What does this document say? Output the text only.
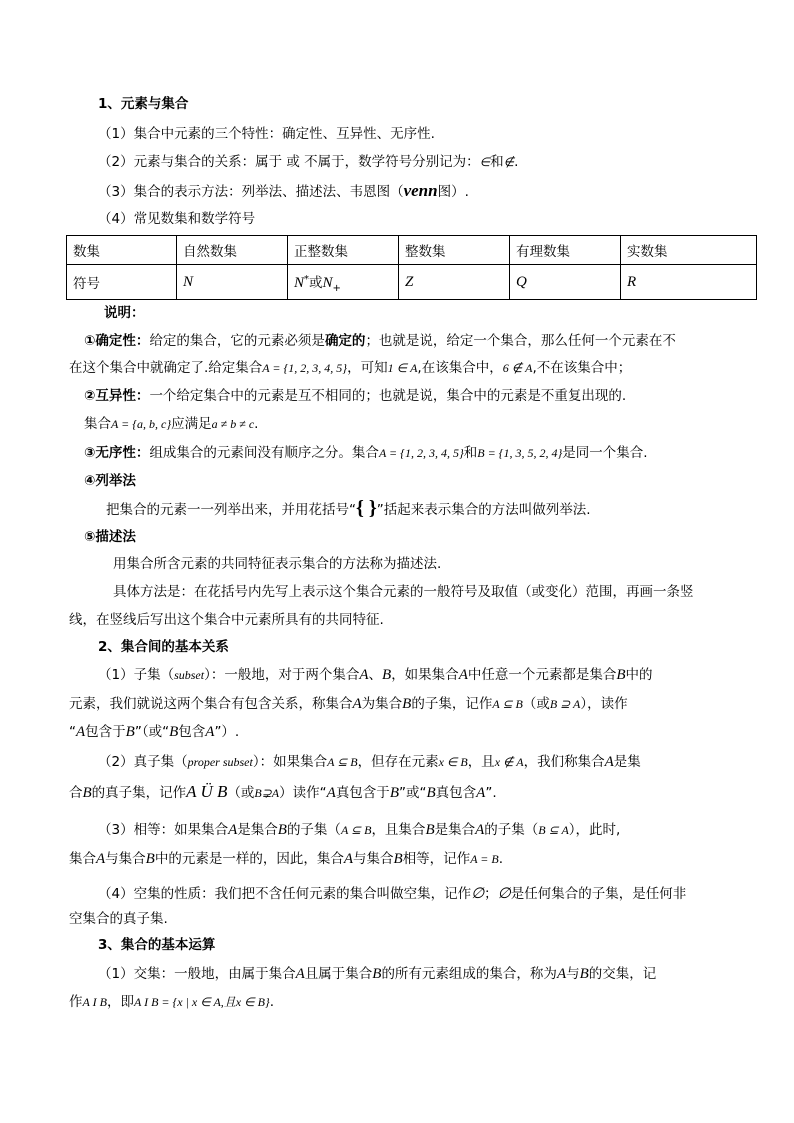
1、元素与集合
（1）集合中元素的三个特性：确定性、互异性、无序性.
（2）元素与集合的关系：属于 或 不属于，数学符号分别记为：∈和∉.
（3）集合的表示方法：列举法、描述法、韦恩图（venn图）.
（4）常见数集和数学符号
数集	自然数集	正整数集	整数集	有理数集	实数集
符号	N	N*或$N_+$	Z	Q	R
说明：
①确定性：给定的集合，它的元素必须是确定的；也就是说，给定一个集合，那么任何一个元素在不
在这个集合中就确定了.给定集合A = {1, 2, 3, 4, 5}，可知1 ∈ A,在该集合中，6 ∉ A,不在该集合中；
②互异性：一个给定集合中的元素是互不相同的；也就是说，集合中的元素是不重复出现的.
集合A = {a, b, c}应满足a ≠ b ≠ c.
③无序性：组成集合的元素间没有顺序之分。集合A = {1, 2, 3, 4, 5}和B = {1, 3, 5, 2, 4}是同一个集合.
④列举法
把集合的元素一一列举出来，并用花括号“{ }”括起来表示集合的方法叫做列举法.
⑤描述法
用集合所含元素的共同特征表示集合的方法称为描述法.
具体方法是：在花括号内先写上表示这个集合元素的一般符号及取值（或变化）范围，再画一条竖
线，在竖线后写出这个集合中元素所具有的共同特征.
2、集合间的基本关系
（1）子集（subset）：一般地，对于两个集合A、B，如果集合A中任意一个元素都是集合B中的
元素，我们就说这两个集合有包含关系，称集合A为集合B的子集，记作A ⊆ B（或B ⊇ A），读作
“A包含于B”（或“B包含A”）.
（2）真子集（proper subset）：如果集合A ⊆ B，但存在元素x ∈ B，且x ∉ A，我们称集合A是集
合B的真子集，记作A Ü B（或B⊋A）读作“A真包含于B”或“B真包含A”.
（3）相等：如果集合A是集合B的子集（A ⊆ B，且集合B是集合A的子集（B ⊆ A），此时,
集合A与集合B中的元素是一样的，因此，集合A与集合B相等，记作A = B.
（4）空集的性质：我们把不含任何元素的集合叫做空集，记作∅；∅是任何集合的子集，是任何非
空集合的真子集.
3、集合的基本运算
（1）交集：一般地，由属于集合A且属于集合B的所有元素组成的集合，称为A与B的交集，记
作A I B，即A I B = {x | x ∈ A,且x ∈ B}.
